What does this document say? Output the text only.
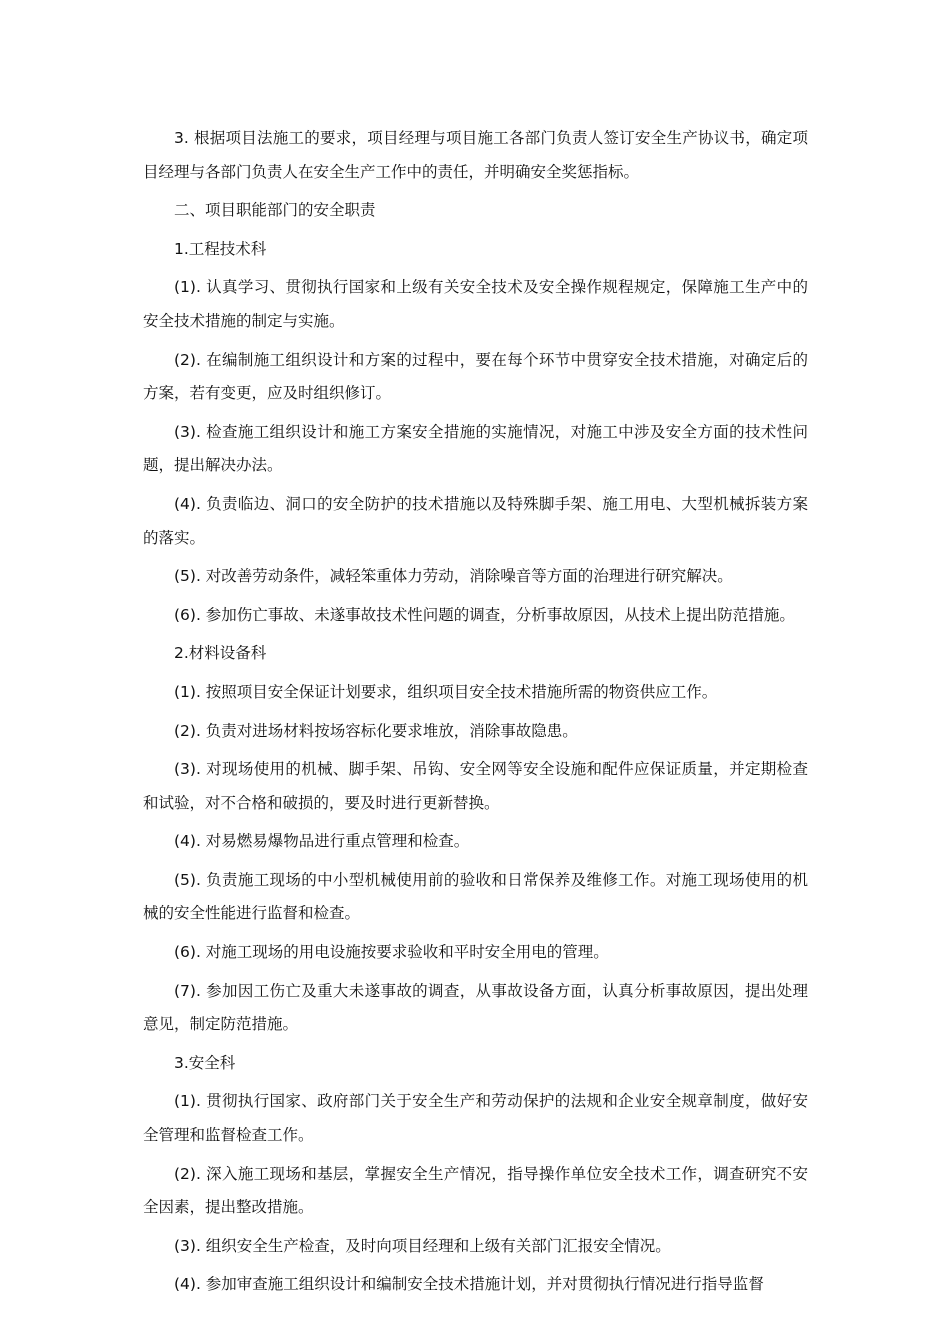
3. 根据项目法施工的要求，项目经理与项目施工各部门负责人签订安全生产协议书，确定项目经理与各部门负责人在安全生产工作中的责任，并明确安全奖惩指标。

二、项目职能部门的安全职责

1.工程技术科

(1). 认真学习、贯彻执行国家和上级有关安全技术及安全操作规程规定，保障施工生产中的安全技术措施的制定与实施。

(2). 在编制施工组织设计和方案的过程中，要在每个环节中贯穿安全技术措施，对确定后的方案，若有变更，应及时组织修订。

(3). 检查施工组织设计和施工方案安全措施的实施情况，对施工中涉及安全方面的技术性问题，提出解决办法。

(4). 负责临边、洞口的安全防护的技术措施以及特殊脚手架、施工用电、大型机械拆装方案的落实。

(5). 对改善劳动条件，减轻笨重体力劳动，消除噪音等方面的治理进行研究解决。

(6). 参加伤亡事故、未遂事故技术性问题的调查，分析事故原因，从技术上提出防范措施。

2.材料设备科

(1). 按照项目安全保证计划要求，组织项目安全技术措施所需的物资供应工作。

(2). 负责对进场材料按场容标化要求堆放，消除事故隐患。

(3). 对现场使用的机械、脚手架、吊钩、安全网等安全设施和配件应保证质量，并定期检查和试验，对不合格和破损的，要及时进行更新替换。

(4). 对易燃易爆物品进行重点管理和检查。

(5). 负责施工现场的中小型机械使用前的验收和日常保养及维修工作。对施工现场使用的机械的安全性能进行监督和检查。

(6). 对施工现场的用电设施按要求验收和平时安全用电的管理。

(7). 参加因工伤亡及重大未遂事故的调查，从事故设备方面，认真分析事故原因，提出处理意见，制定防范措施。

3.安全科

(1). 贯彻执行国家、政府部门关于安全生产和劳动保护的法规和企业安全规章制度，做好安全管理和监督检查工作。

(2). 深入施工现场和基层，掌握安全生产情况，指导操作单位安全技术工作，调查研究不安全因素，提出整改措施。

(3). 组织安全生产检查，及时向项目经理和上级有关部门汇报安全情况。

(4). 参加审查施工组织设计和编制安全技术措施计划，并对贯彻执行情况进行指导监督
